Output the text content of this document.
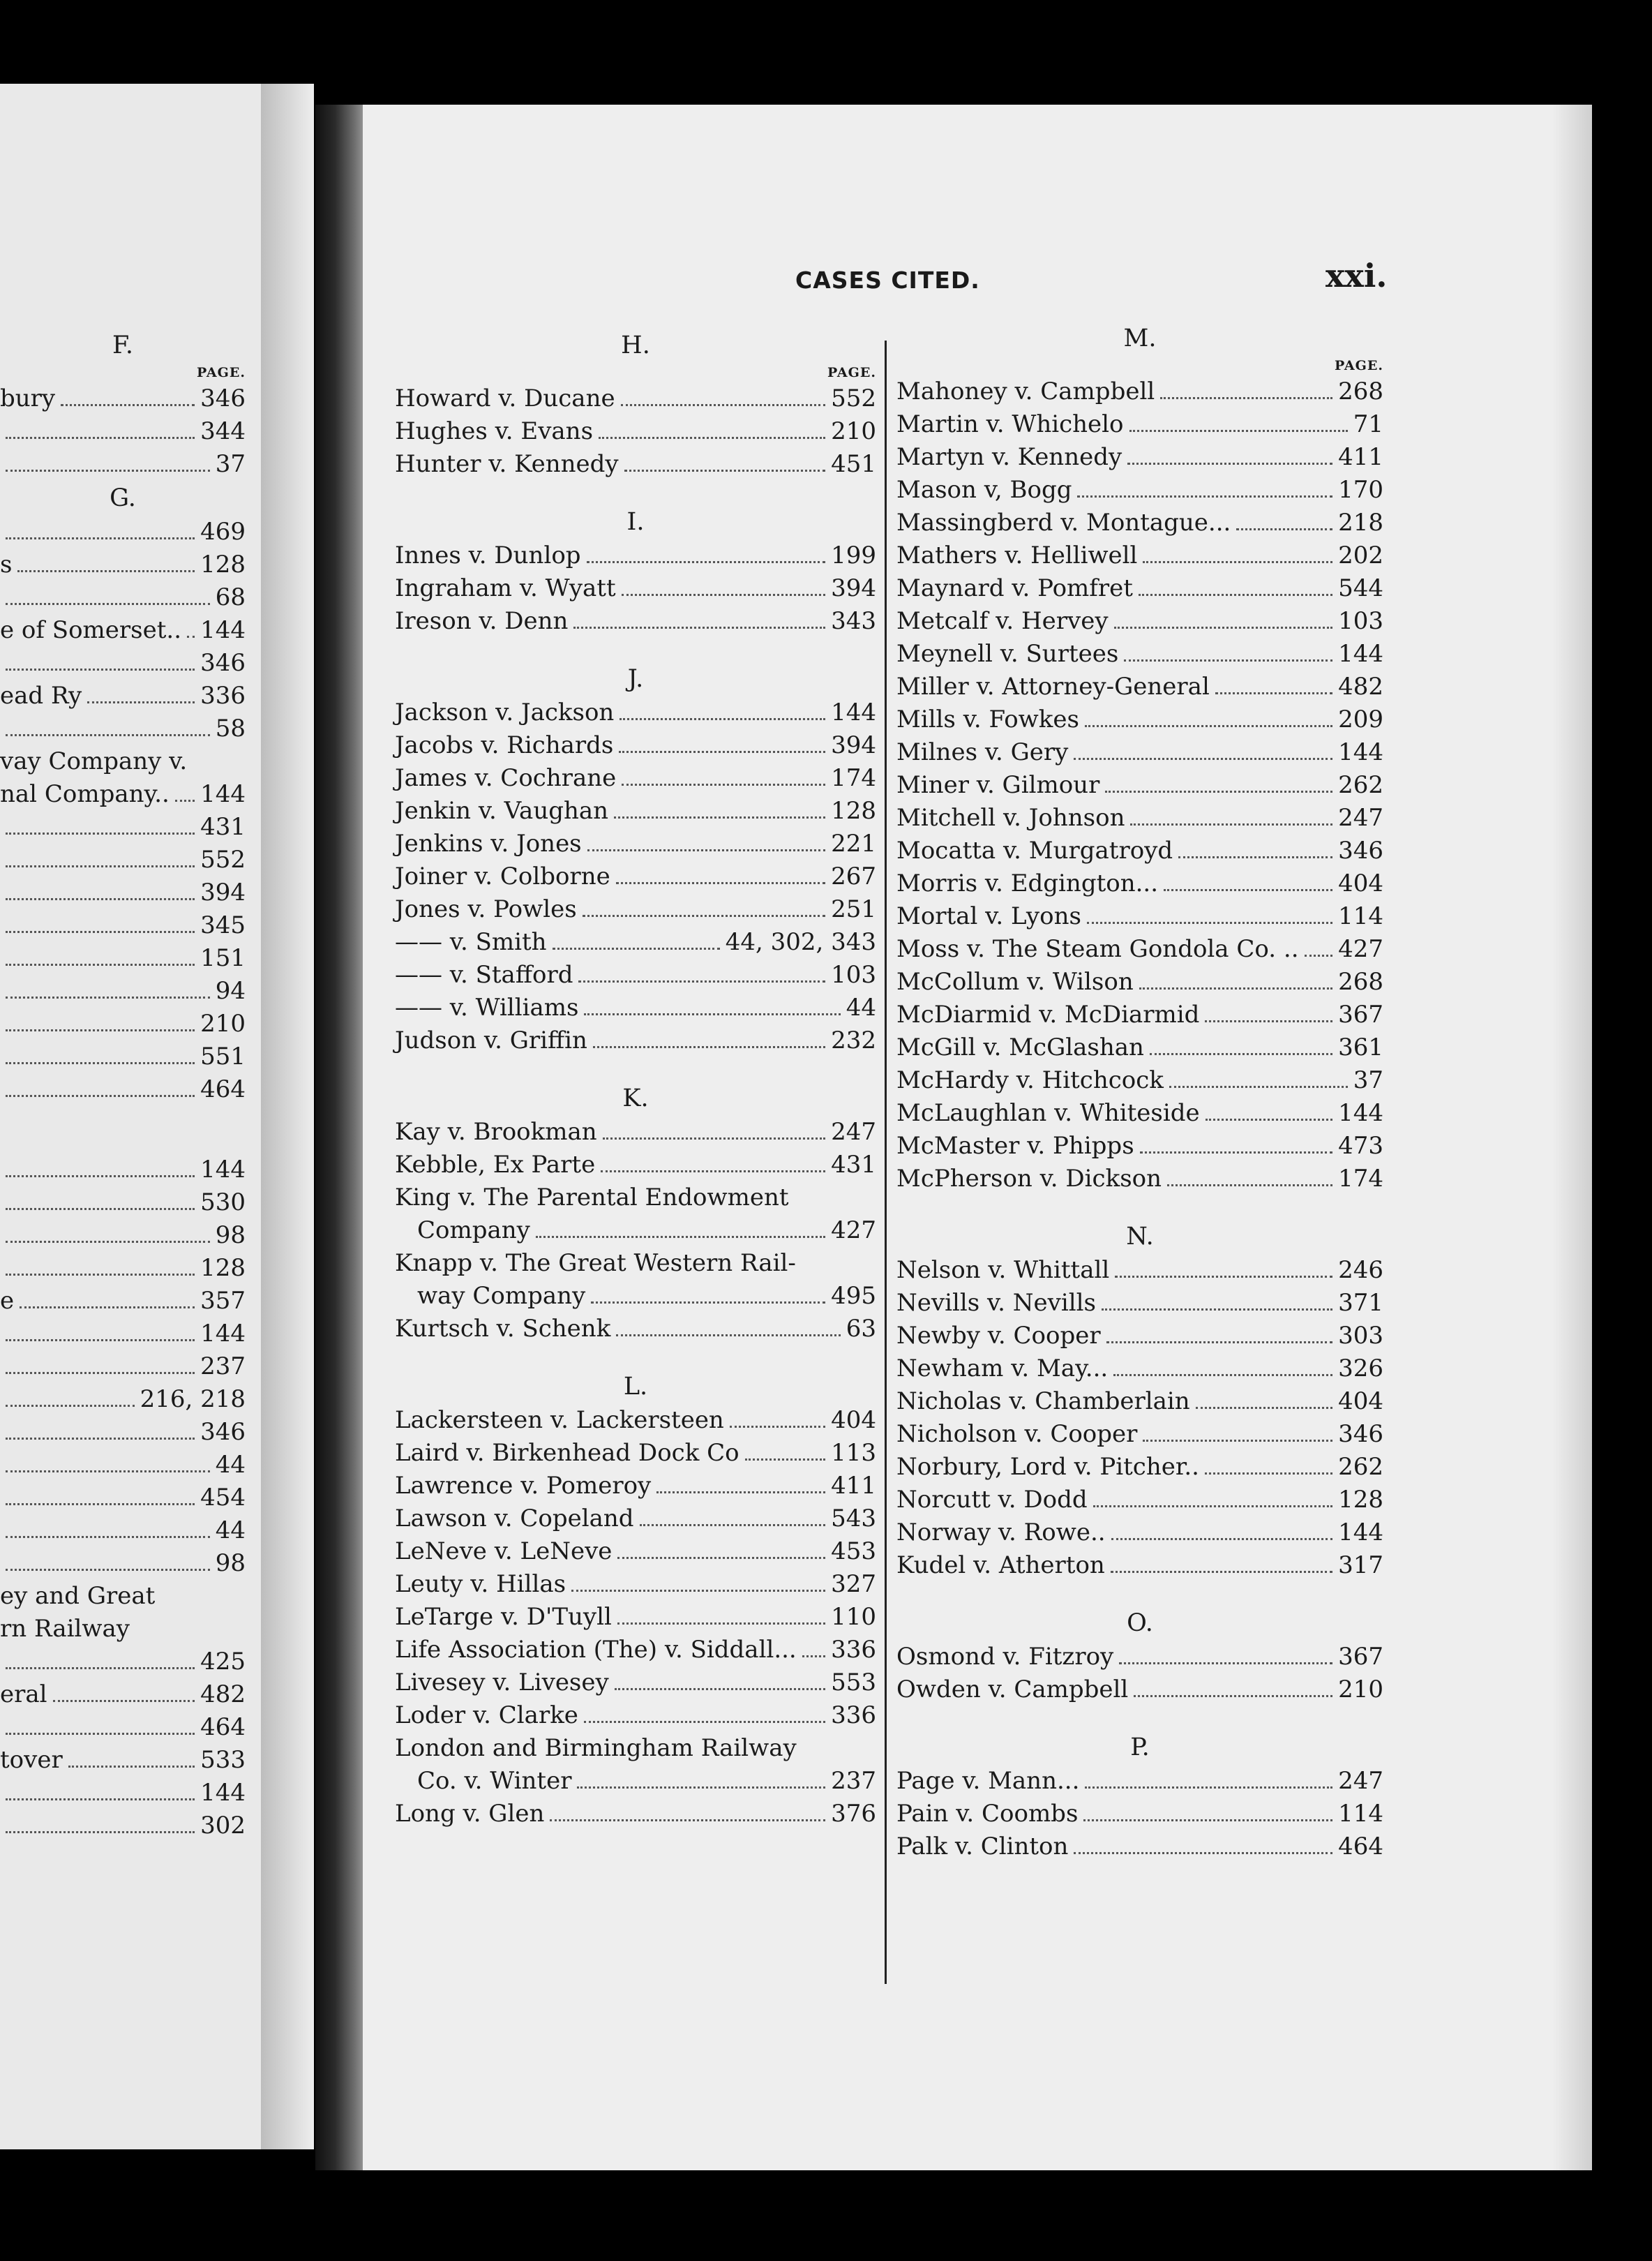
F.
PAGE.
bury	346
344
37
G.
469
s	128
68
e of Somerset.. 144
346
ead Ry	336
58
vay Company v.
nal Company.. 144
431
552
394
345
151
94
210
551
464
144
530
98
128
e	357
144
237
216, 218
346
44
454
44
98
ey and Great
rn Railway
425
eral	482
464
tover	533
144
302
CASES CITED.	xxi.
H.
PAGE.
Howard v. Ducane	552
Hughes v. Evans	210
Hunter v. Kennedy	451
I.
Innes v. Dunlop	199
Ingraham v. Wyatt	394
Ireson v. Denn	343
J.
Jackson v. Jackson	144
Jacobs v. Richards	394
James v. Cochrane	174
Jenkin v. Vaughan	128
Jenkins v. Jones	221
Joiner v. Colborne	267
Jones v. Powles	251
—— v. Smith	44, 302, 343
—— v. Stafford	103
—— v. Williams	44
Judson v. Griffin	232
K.
Kay v. Brookman	247
Kebble, Ex Parte	431
King v. The Parental Endowment
Company	427
Knapp v. The Great Western Rail-
way Company	495
Kurtsch v. Schenk	63
L.
Lackersteen v. Lackersteen	404
Laird v. Birkenhead Dock Co	113
Lawrence v. Pomeroy	411
Lawson v. Copeland	543
LeNeve v. LeNeve	453
Leuty v. Hillas	327
LeTarge v. D'Tuyll	110
Life Association (The) v. Siddall... 336
Livesey v. Livesey	553
Loder v. Clarke	336
London and Birmingham Railway
Co. v. Winter	237
Long v. Glen	376
M.
PAGE.
Mahoney v. Campbell	268
Martin v. Whichelo	71
Martyn v. Kennedy	411
Mason v, Bogg	170
Massingberd v. Montague...	218
Mathers v. Helliwell	202
Maynard v. Pomfret	544
Metcalf v. Hervey	103
Meynell v. Surtees	144
Miller v. Attorney-General	482
Mills v. Fowkes	209
Milnes v. Gery	144
Miner v. Gilmour	262
Mitchell v. Johnson	247
Mocatta v. Murgatroyd	346
Morris v. Edgington...	404
Mortal v. Lyons	114
Moss v. The Steam Gondola Co. .. 427
McCollum v. Wilson	268
McDiarmid v. McDiarmid	367
McGill v. McGlashan	361
McHardy v. Hitchcock	37
McLaughlan v. Whiteside	144
McMaster v. Phipps	473
McPherson v. Dickson	174
N.
Nelson v. Whittall	246
Nevills v. Nevills	371
Newby v. Cooper	303
Newham v. May...	326
Nicholas v. Chamberlain	404
Nicholson v. Cooper	346
Norbury, Lord v. Pitcher..	262
Norcutt v. Dodd	128
Norway v. Rowe..	144
Kudel v. Atherton	317
O.
Osmond v. Fitzroy	367
Owden v. Campbell	210
P.
Page v. Mann...	247
Pain v. Coombs	114
Palk v. Clinton	464
